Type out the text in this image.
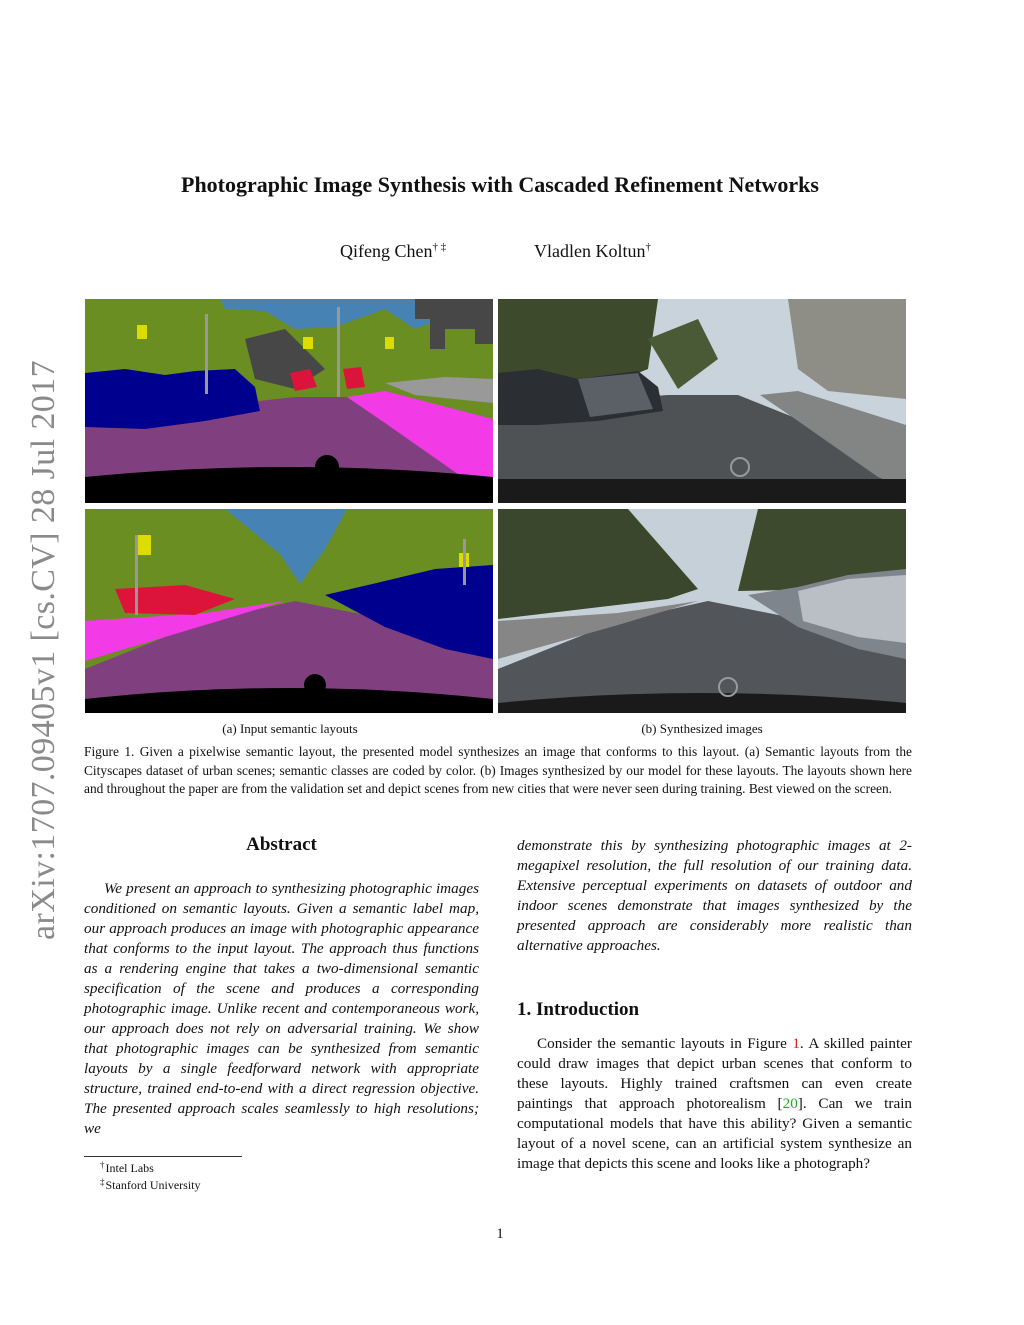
arXiv:1707.09405v1 [cs.CV] 28 Jul 2017
Photographic Image Synthesis with Cascaded Refinement Networks
Qifeng Chen† ‡	Vladlen Koltun†
(a) Input semantic layouts	(b) Synthesized images
Figure 1. Given a pixelwise semantic layout, the presented model synthesizes an image that conforms to this layout. (a) Semantic layouts from the Cityscapes dataset of urban scenes; semantic classes are coded by color. (b) Images synthesized by our model for these layouts. The layouts shown here and throughout the paper are from the validation set and depict scenes from new cities that were never seen during training. Best viewed on the screen.
Abstract

We present an approach to synthesizing photographic images conditioned on semantic layouts. Given a semantic label map, our approach produces an image with photographic appearance that conforms to the input layout. The approach thus functions as a rendering engine that takes a two-dimensional semantic specification of the scene and produces a corresponding photographic image. Unlike recent and contemporaneous work, our approach does not rely on adversarial training. We show that photographic images can be synthesized from semantic layouts by a single feedforward network with appropriate structure, trained end-to-end with a direct regression objective. The presented approach scales seamlessly to high resolutions; we

†Intel Labs
‡Stanford University

demonstrate this by synthesizing photographic images at 2-megapixel resolution, the full resolution of our training data. Extensive perceptual experiments on datasets of outdoor and indoor scenes demonstrate that images synthesized by the presented approach are considerably more realistic than alternative approaches.

1. Introduction

Consider the semantic layouts in Figure 1. A skilled painter could draw images that depict urban scenes that conform to these layouts. Highly trained craftsmen can even create paintings that approach photorealism [20]. Can we train computational models that have this ability? Given a semantic layout of a novel scene, can an artificial system synthesize an image that depicts this scene and looks like a photograph?

1
